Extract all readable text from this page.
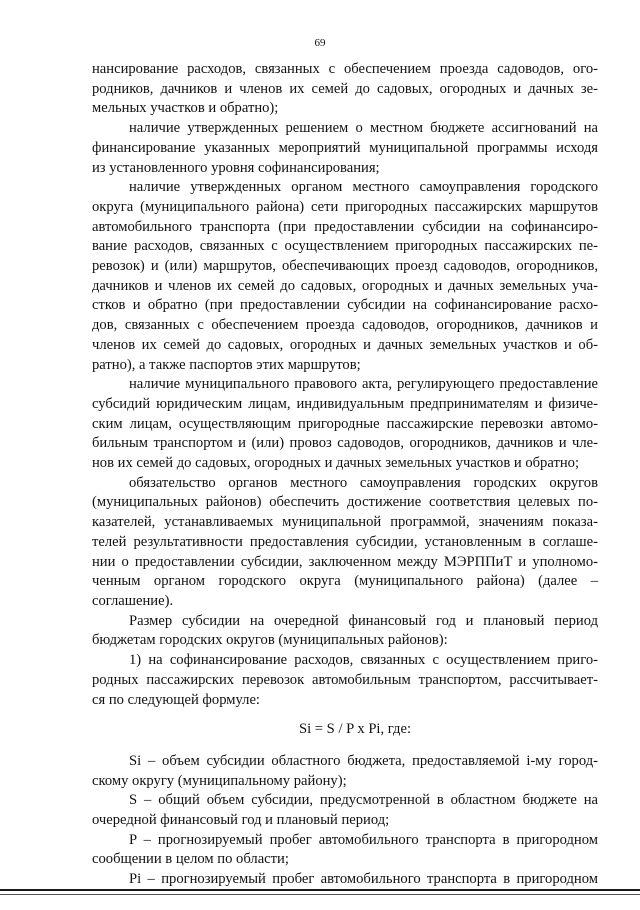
69
нансирование расходов, связанных с обеспечением проезда садоводов, ого-
родников, дачников и членов их семей до садовых, огородных и дачных зе-
мельных участков и обратно);
наличие утвержденных решением о местном бюджете ассигнований на
финансирование указанных мероприятий муниципальной программы исходя
из установленного уровня софинансирования;
наличие утвержденных органом местного самоуправления городского
округа (муниципального района) сети пригородных пассажирских маршрутов
автомобильного транспорта (при предоставлении субсидии на софинансиро-
вание расходов, связанных с осуществлением пригородных пассажирских пе-
ревозок) и (или) маршрутов, обеспечивающих проезд садоводов, огородников,
дачников и членов их семей до садовых, огородных и дачных земельных уча-
стков и обратно (при предоставлении субсидии на софинансирование расхо-
дов, связанных с обеспечением проезда садоводов, огородников, дачников и
членов их семей до садовых, огородных и дачных земельных участков и об-
ратно), а также паспортов этих маршрутов;
наличие муниципального правового акта, регулирующего предоставление
субсидий юридическим лицам, индивидуальным предпринимателям и физиче-
ским лицам, осуществляющим пригородные пассажирские перевозки автомо-
бильным транспортом и (или) провоз садоводов, огородников, дачников и чле-
нов их семей до садовых, огородных и дачных земельных участков и обратно;
обязательство органов местного самоуправления городских округов
(муниципальных районов) обеспечить достижение соответствия целевых по-
казателей, устанавливаемых муниципальной программой, значениям показа-
телей результативности предоставления субсидии, установленным в соглаше-
нии о предоставлении субсидии, заключенном между МЭРППиТ и уполномо-
ченным органом городского округа (муниципального района) (далее –
соглашение).
Размер субсидии на очередной финансовый год и плановый период
бюджетам городских округов (муниципальных районов):
1) на софинансирование расходов, связанных с осуществлением приго-
родных пассажирских перевозок автомобильным транспортом, рассчитывает-
ся по следующей формуле:
Si = S / P x Pi, где:
Si – объем субсидии областного бюджета, предоставляемой i-му город-
скому округу (муниципальному району);
S – общий объем субсидии, предусмотренной в областном бюджете на
очередной финансовый год и плановый период;
P – прогнозируемый пробег автомобильного транспорта в пригородном
сообщении в целом по области;
Pi – прогнозируемый пробег автомобильного транспорта в пригородном
